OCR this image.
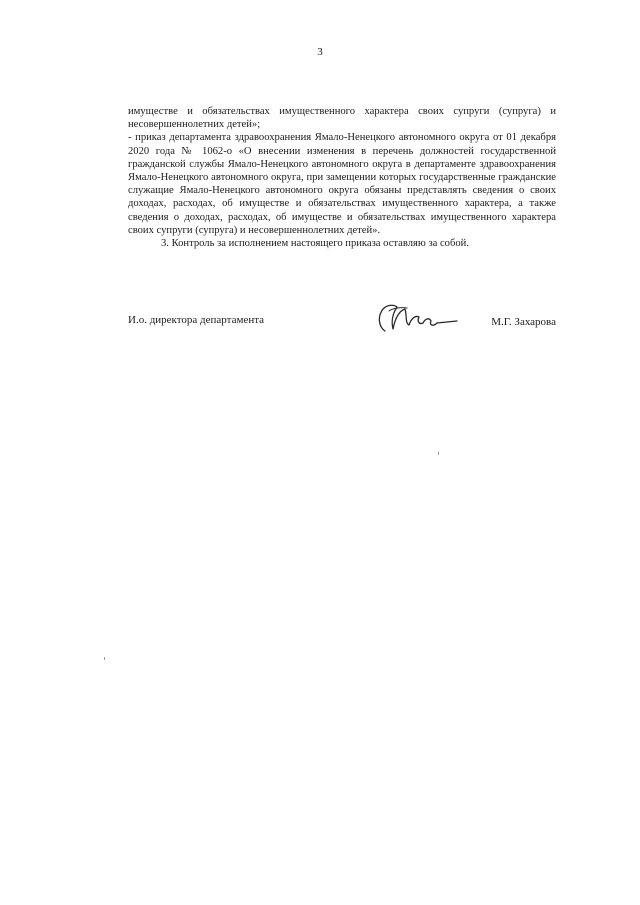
3

имуществе и обязательствах имущественного характера своих супруги (супруга) и несовершеннолетних детей»;

- приказ департамента здравоохранения Ямало-Ненецкого автономного округа от 01 декабря 2020 года № 1062-о «О внесении изменения в перечень должностей государственной гражданской службы Ямало-Ненецкого автономного округа в департаменте здравоохранения Ямало-Ненецкого автономного округа, при замещении которых государственные гражданские служащие Ямало-Ненецкого автономного округа обязаны представлять сведения о своих доходах, расходах, об имуществе и обязательствах имущественного характера, а также сведения о доходах, расходах, об имуществе и обязательствах имущественного характера своих супруги (супруга) и несовершеннолетних детей».

3. Контроль за исполнением настоящего приказа оставляю за собой.

И.о. директора департамента	М.Г. Захарова
